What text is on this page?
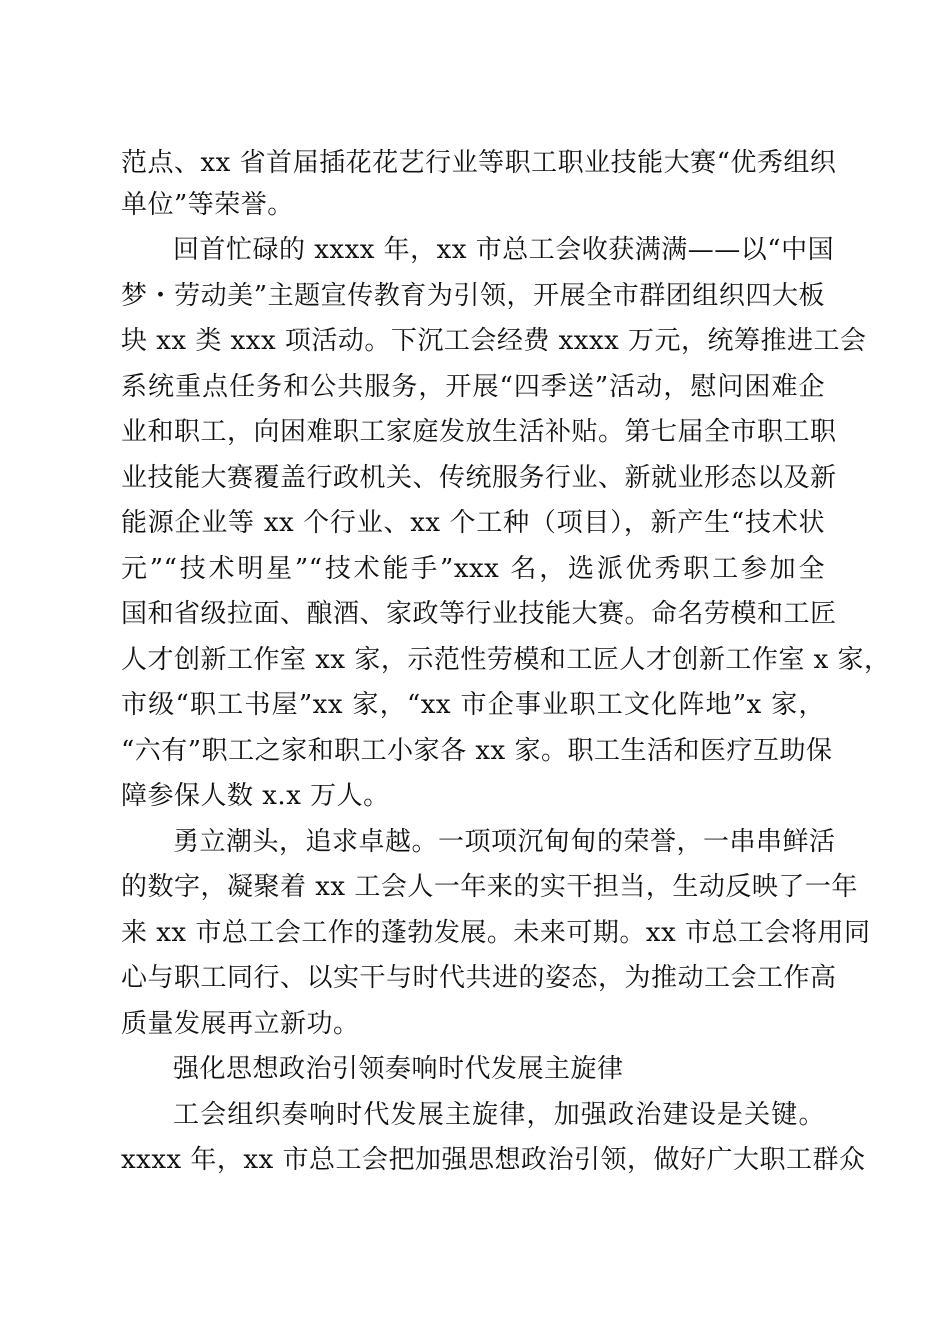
范点、xx 省首届插花花艺行业等职工职业技能大赛“优秀组织
单位”等荣誉。
回首忙碌的 xxxx 年，xx 市总工会收获满满——以“中国
梦・劳动美”主题宣传教育为引领，开展全市群团组织四大板
块 xx 类 xxx 项活动。下沉工会经费 xxxx 万元，统筹推进工会
系统重点任务和公共服务，开展“四季送”活动，慰问困难企
业和职工，向困难职工家庭发放生活补贴。第七届全市职工职
业技能大赛覆盖行政机关、传统服务行业、新就业形态以及新
能源企业等 xx 个行业、xx 个工种（项目），新产生“技术状
元”“技术明星”“技术能手”xxx 名，选派优秀职工参加全
国和省级拉面、酿酒、家政等行业技能大赛。命名劳模和工匠
人才创新工作室 xx 家，示范性劳模和工匠人才创新工作室 x 家，
市级“职工书屋”xx 家，“xx 市企事业职工文化阵地”x 家，
“六有”职工之家和职工小家各 xx 家。职工生活和医疗互助保
障参保人数 x.x 万人。
勇立潮头，追求卓越。一项项沉甸甸的荣誉，一串串鲜活
的数字，凝聚着 xx 工会人一年来的实干担当，生动反映了一年
来 xx 市总工会工作的蓬勃发展。未来可期。xx 市总工会将用同
心与职工同行、以实干与时代共进的姿态，为推动工会工作高
质量发展再立新功。
强化思想政治引领奏响时代发展主旋律
工会组织奏响时代发展主旋律，加强政治建设是关键。
xxxx 年，xx 市总工会把加强思想政治引领，做好广大职工群众
